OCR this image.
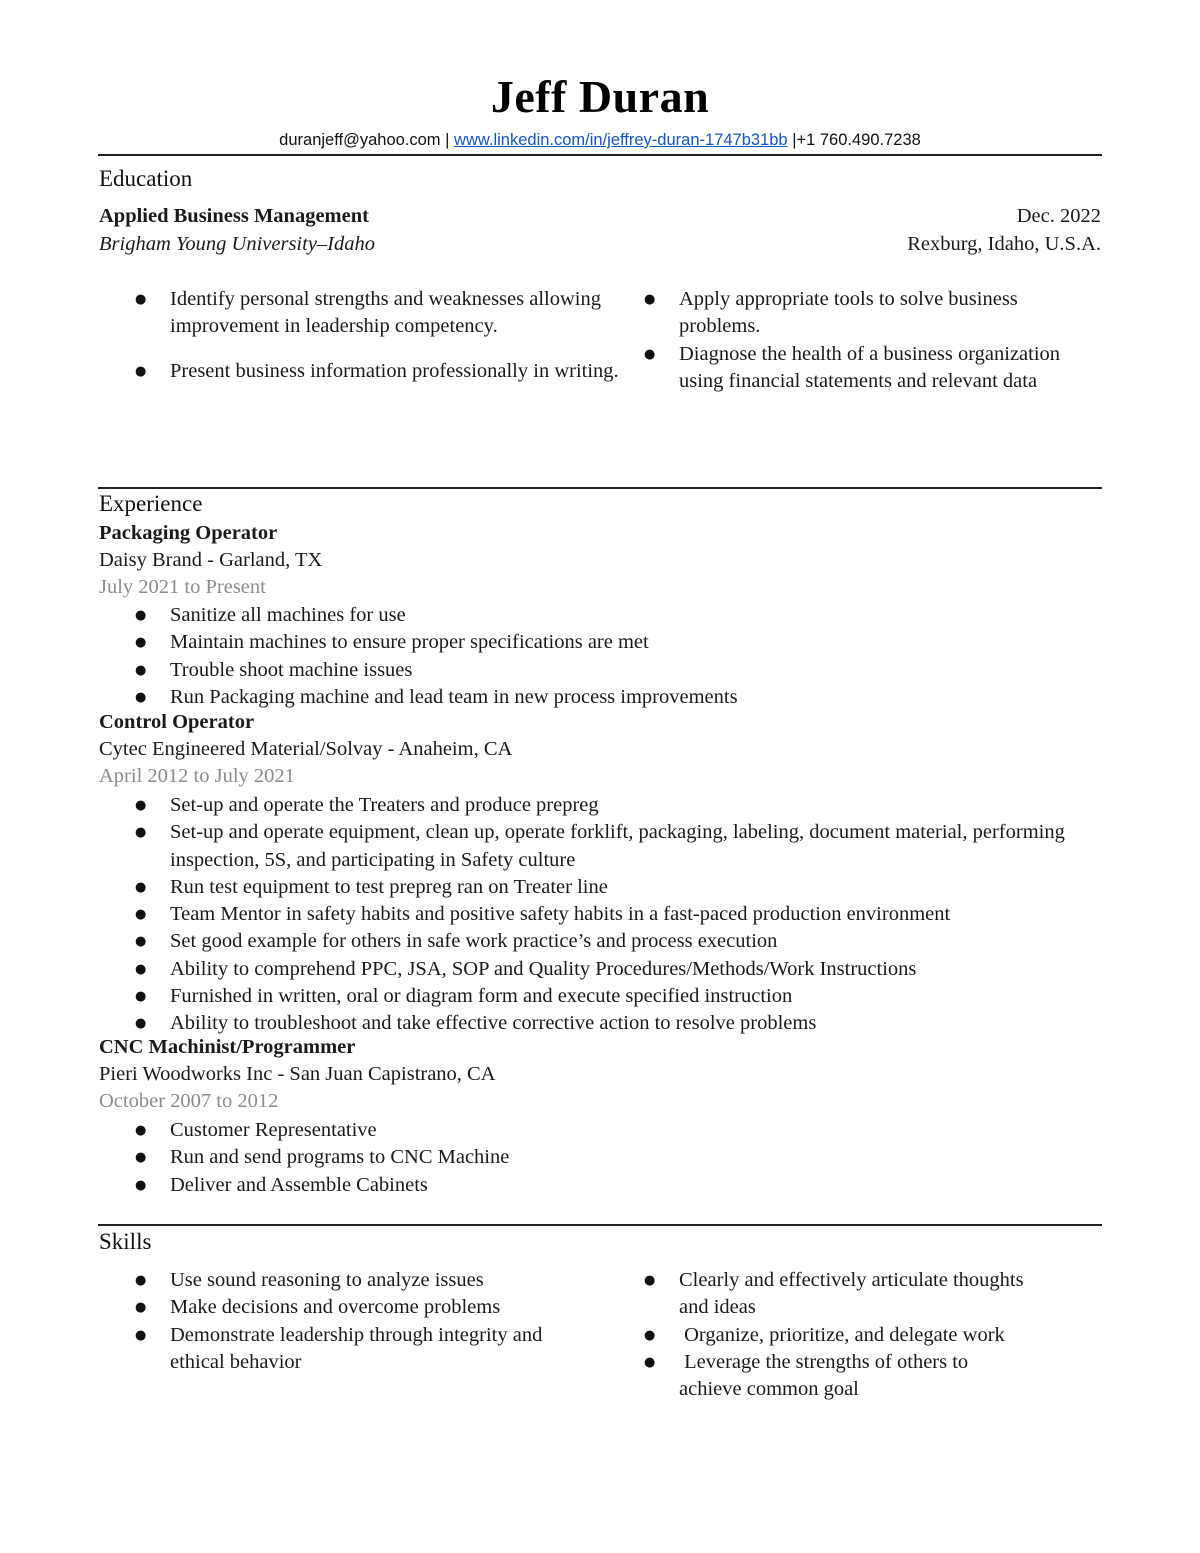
Jeff Duran
duranjeff@yahoo.com | www.linkedin.com/in/jeffrey-duran-1747b31bb |+1 760.490.7238
Education
Applied Business Management	Dec. 2022
Brigham Young University–Idaho	Rexburg, Idaho, U.S.A.
● Identify personal strengths and weaknesses allowing improvement in leadership competency.
● Present business information professionally in writing.
● Apply appropriate tools to solve business problems.
● Diagnose the health of a business organization using financial statements and relevant data
Experience
Packaging Operator
Daisy Brand - Garland, TX
July 2021 to Present
● Sanitize all machines for use
● Maintain machines to ensure proper specifications are met
● Trouble shoot machine issues
● Run Packaging machine and lead team in new process improvements
Control Operator
Cytec Engineered Material/Solvay - Anaheim, CA
April 2012 to July 2021
● Set-up and operate the Treaters and produce prepreg
● Set-up and operate equipment, clean up, operate forklift, packaging, labeling, document material, performing inspection, 5S, and participating in Safety culture
● Run test equipment to test prepreg ran on Treater line
● Team Mentor in safety habits and positive safety habits in a fast-paced production environment
● Set good example for others in safe work practice’s and process execution
● Ability to comprehend PPC, JSA, SOP and Quality Procedures/Methods/Work Instructions
● Furnished in written, oral or diagram form and execute specified instruction
● Ability to troubleshoot and take effective corrective action to resolve problems
CNC Machinist/Programmer
Pieri Woodworks Inc - San Juan Capistrano, CA
October 2007 to 2012
● Customer Representative
● Run and send programs to CNC Machine
● Deliver and Assemble Cabinets
Skills
● Use sound reasoning to analyze issues
● Make decisions and overcome problems
● Demonstrate leadership through integrity and ethical behavior
● Clearly and effectively articulate thoughts and ideas
●  Organize, prioritize, and delegate work
●  Leverage the strengths of others to achieve common goal
